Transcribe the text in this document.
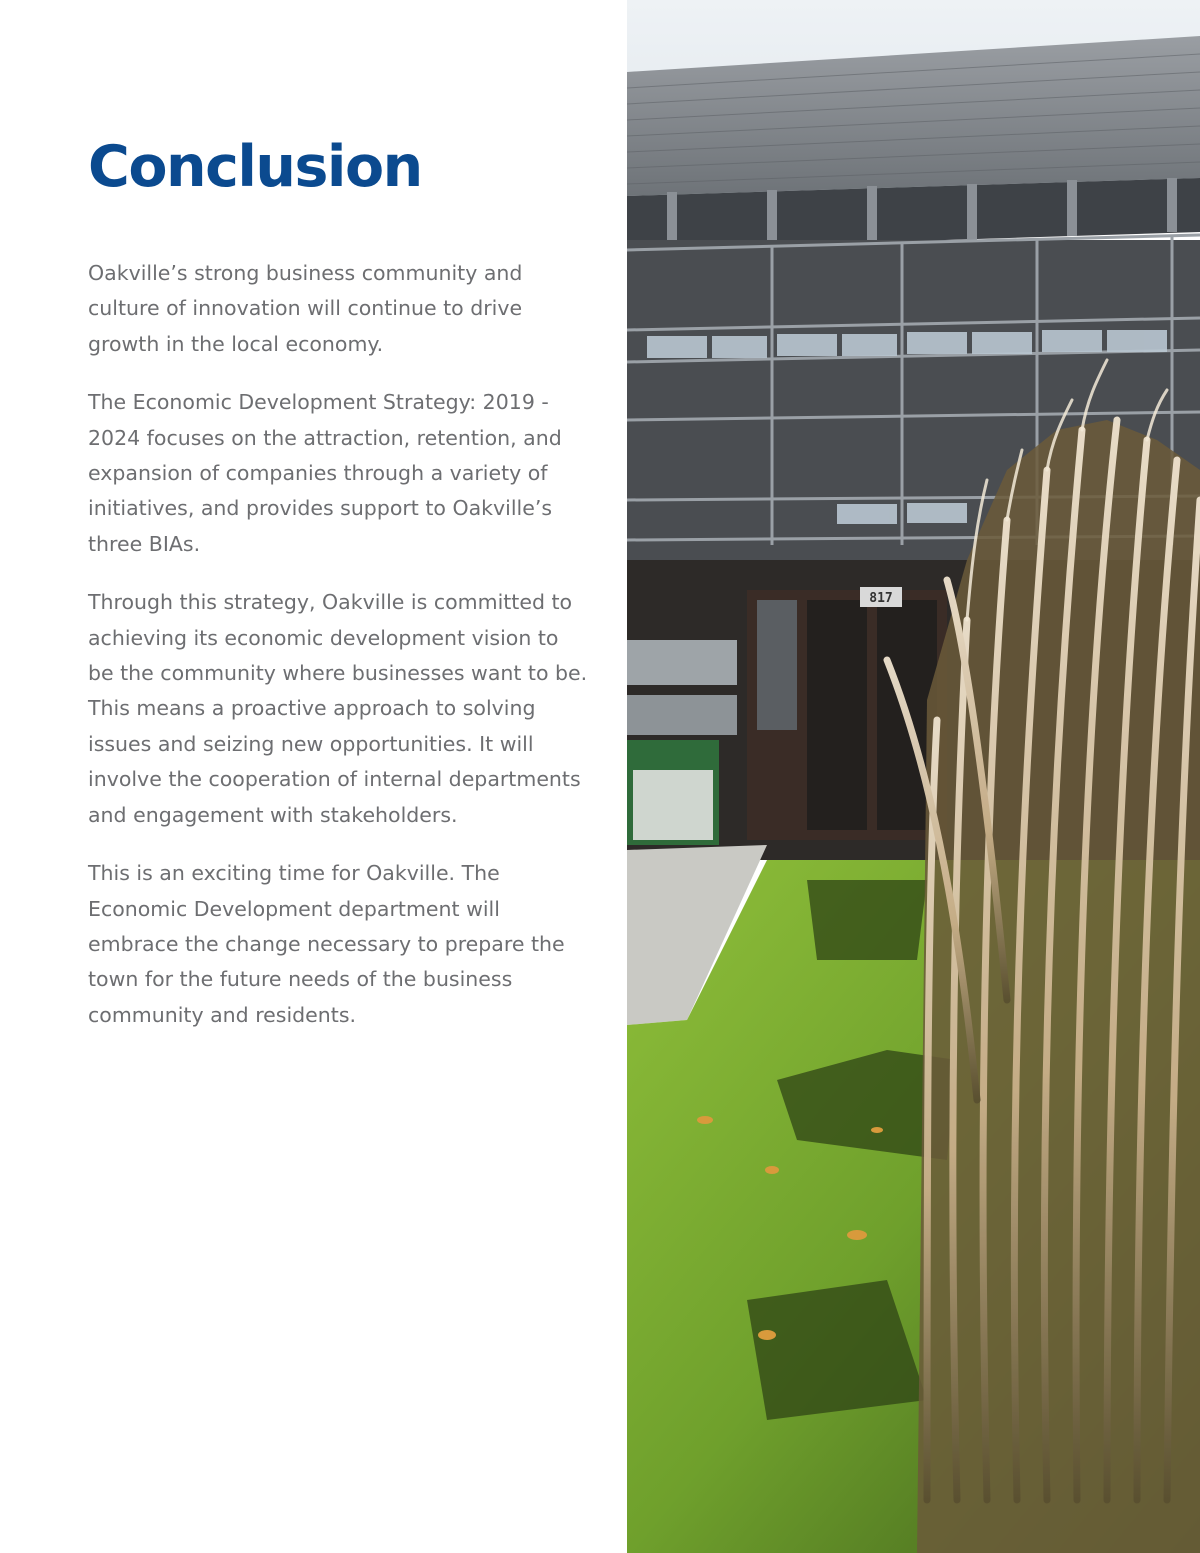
Conclusion

Oakville’s strong business community and culture of innovation will continue to drive growth in the local economy.

The Economic Development Strategy: 2019 - 2024 focuses on the attraction, retention, and expansion of companies through a variety of initiatives, and provides support to Oakville’s three BIAs.

Through this strategy, Oakville is committed to achieving its economic development vision to be the community where businesses want to be. This means a proactive approach to solving issues and seizing new opportunities. It will involve the cooperation of internal departments and engagement with stakeholders.

This is an exciting time for Oakville. The Economic Development department will embrace the change necessary to prepare the town for the future needs of the business community and residents.

817
